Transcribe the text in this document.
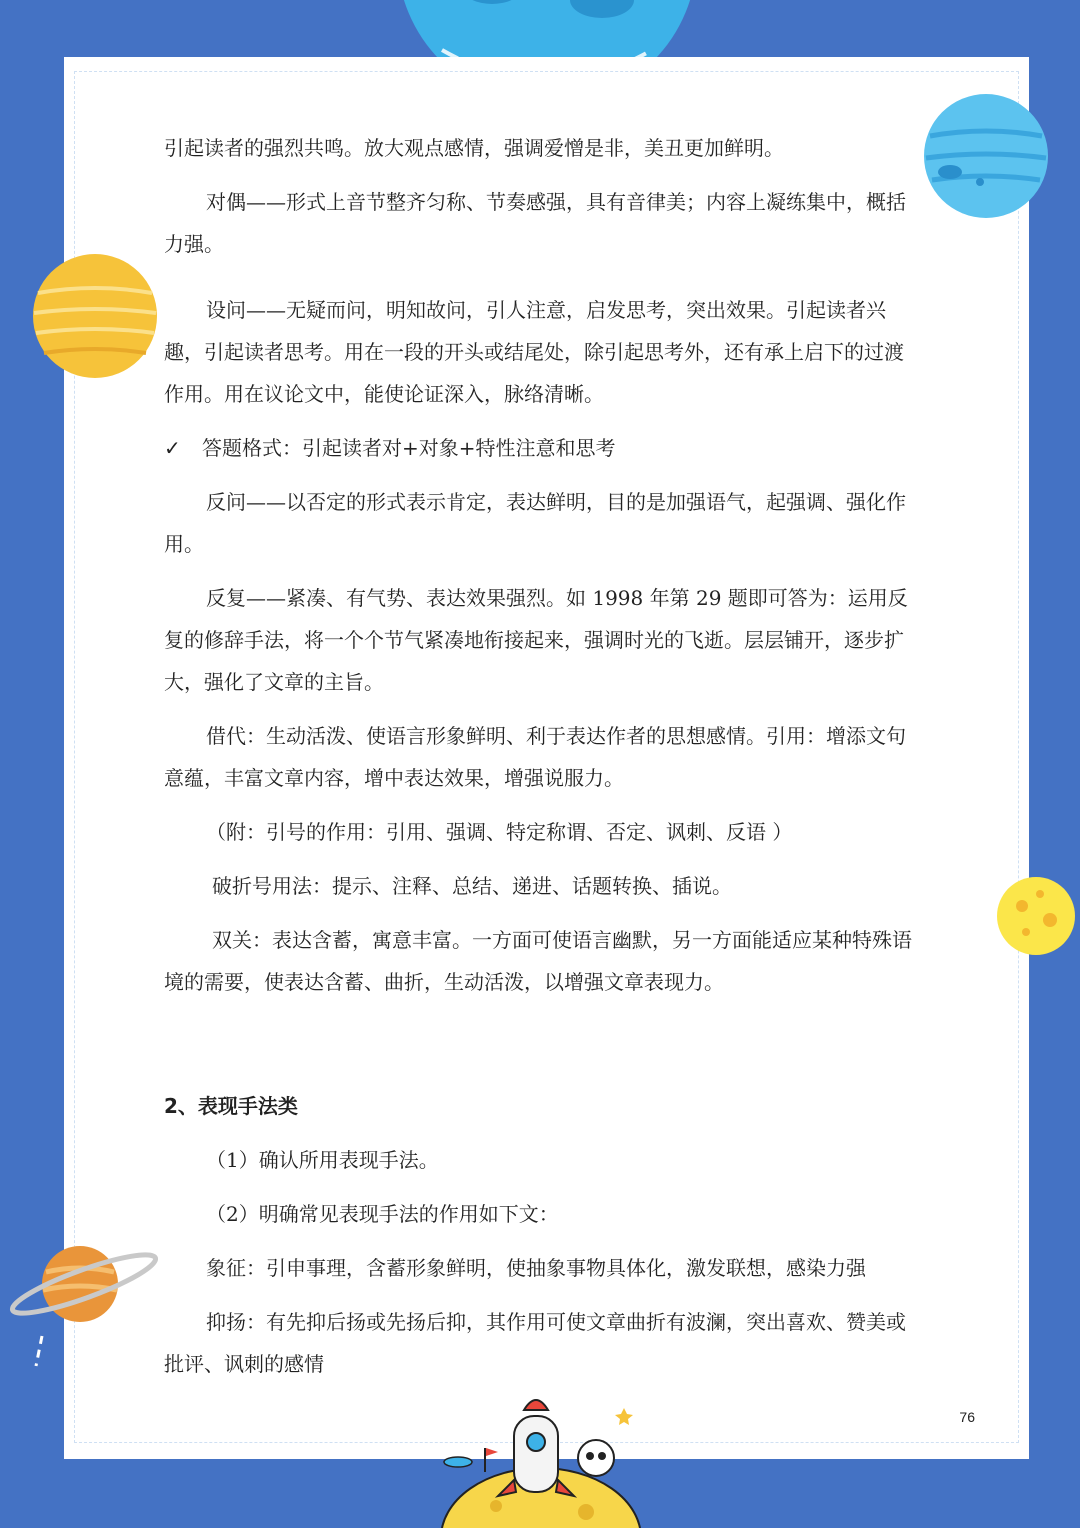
引起读者的强烈共鸣。放大观点感情，强调爱憎是非，美丑更加鲜明。

对偶——形式上音节整齐匀称、节奏感强，具有音律美；内容上凝练集中，概括力强。

设问——无疑而问，明知故问，引人注意，启发思考，突出效果。引起读者兴趣，引起读者思考。用在一段的开头或结尾处，除引起思考外，还有承上启下的过渡作用。用在议论文中，能使论证深入，脉络清晰。

✓ 答题格式：引起读者对+对象+特性注意和思考

反问——以否定的形式表示肯定，表达鲜明，目的是加强语气，起强调、强化作用。

反复——紧凑、有气势、表达效果强烈。如 1998 年第 29 题即可答为：运用反复的修辞手法，将一个个节气紧凑地衔接起来，强调时光的飞逝。层层铺开，逐步扩大，强化了文章的主旨。

借代：生动活泼、使语言形象鲜明、利于表达作者的思想感情。引用：增添文句意蕴，丰富文章内容，增中表达效果，增强说服力。

（附：引号的作用：引用、强调、特定称谓、否定、讽刺、反语 ）

破折号用法：提示、注释、总结、递进、话题转换、插说。

双关：表达含蓄，寓意丰富。一方面可使语言幽默，另一方面能适应某种特殊语境的需要，使表达含蓄、曲折，生动活泼，以增强文章表现力。

2、表现手法类

（1）确认所用表现手法。

（2）明确常见表现手法的作用如下文：

象征：引申事理，含蓄形象鲜明，使抽象事物具体化，激发联想，感染力强

抑扬：有先抑后扬或先扬后抑，其作用可使文章曲折有波澜，突出喜欢、赞美或批评、讽刺的感情

76
